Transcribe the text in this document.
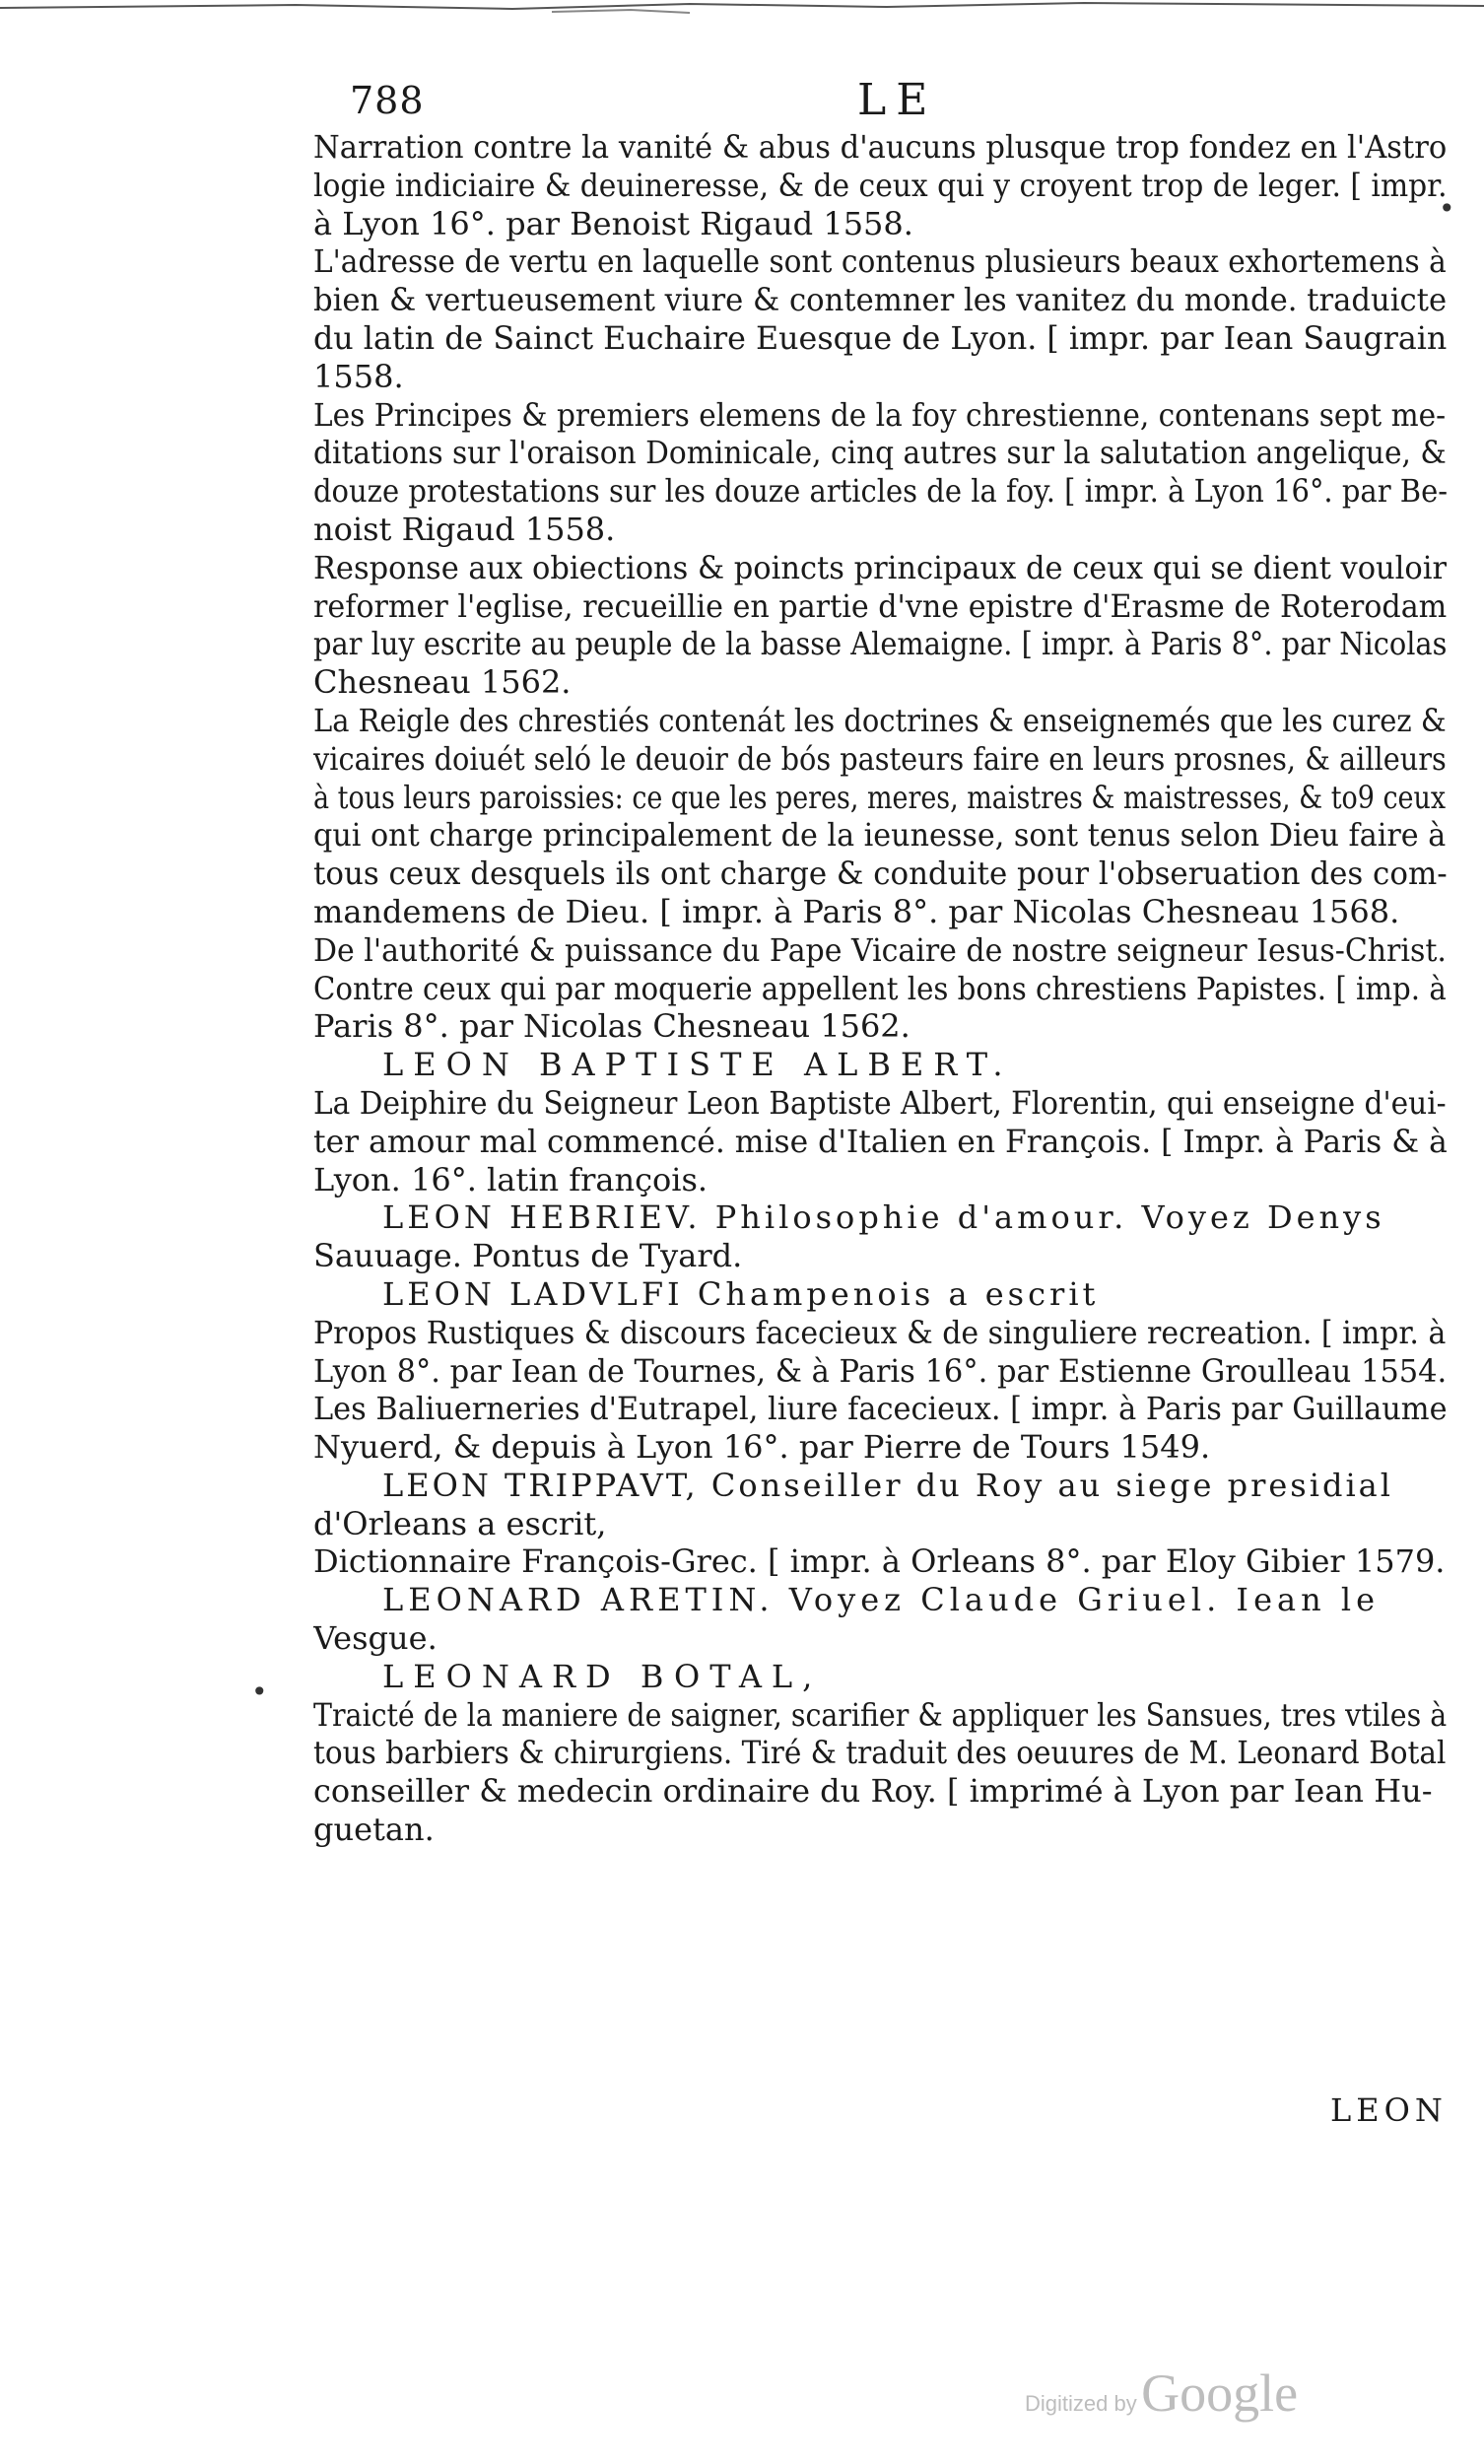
788	LE

Narration contre la vanité & abus d'aucuns plusque trop fondez en l'Astro

logie indiciaire & deuineresse, & de ceux qui y croyent trop de leger. [ impr.

à Lyon 16°. par Benoist Rigaud 1558.

L'adresse de vertu en laquelle sont contenus plusieurs beaux exhortemens à

bien & vertueusement viure & contemner les vanitez du monde. traduicte

du latin de Sainct Euchaire Euesque de Lyon. [ impr. par Iean Saugrain

1558.

Les Principes & premiers elemens de la foy chrestienne, contenans sept me-

ditations sur l'oraison Dominicale, cinq autres sur la salutation angelique, &

douze protestations sur les douze articles de la foy. [ impr. à Lyon 16°. par Be-

noist Rigaud 1558.

Response aux obiections & poincts principaux de ceux qui se dient vouloir

reformer l'eglise, recueillie en partie d'vne epistre d'Erasme de Roterodam

par luy escrite au peuple de la basse Alemaigne. [ impr. à Paris 8°. par Nicolas

Chesneau 1562.

La Reigle des chrestiés contenát les doctrines & enseignemés que les curez &

vicaires doiuét seló le deuoir de bós pasteurs faire en leurs prosnes, & ailleurs

à tous leurs paroissies: ce que les peres, meres, maistres & maistresses, & to9 ceux

qui ont charge principalement de la ieunesse, sont tenus selon Dieu faire à

tous ceux desquels ils ont charge & conduite pour l'obseruation des com-

mandemens de Dieu. [ impr. à Paris 8°. par Nicolas Chesneau 1568.

De l'authorité & puissance du Pape Vicaire de nostre seigneur Iesus-Christ.

Contre ceux qui par moquerie appellent les bons chrestiens Papistes. [ imp. à

Paris 8°. par Nicolas Chesneau 1562.

LEON BAPTISTE ALBERT.

La Deiphire du Seigneur Leon Baptiste Albert, Florentin, qui enseigne d'eui-

ter amour mal commencé. mise d'Italien en François. [ Impr. à Paris & à

Lyon. 16°. latin françois.

LEON HEBRIEV. Philosophie d'amour. Voyez Denys

Sauuage. Pontus de Tyard.

LEON LADVLFI Champenois a escrit

Propos Rustiques & discours facecieux & de singuliere recreation. [ impr. à

Lyon 8°. par Iean de Tournes, & à Paris 16°. par Estienne Groulleau 1554.

Les Baliuerneries d'Eutrapel, liure facecieux. [ impr. à Paris par Guillaume

Nyuerd, & depuis à Lyon 16°. par Pierre de Tours 1549.

LEON TRIPPAVT, Conseiller du Roy au siege presidial

d'Orleans a escrit,

Dictionnaire François-Grec. [ impr. à Orleans 8°. par Eloy Gibier 1579.

LEONARD ARETIN. Voyez Claude Griuel. Iean le

Vesgue.

LEONARD BOTAL,

Traicté de la maniere de saigner, scarifier & appliquer les Sansues, tres vtiles à

tous barbiers & chirurgiens. Tiré & traduit des oeuures de M. Leonard Botal

conseiller & medecin ordinaire du Roy. [ imprimé à Lyon par Iean Hu-

guetan.

•
•
LEON
Digitized by Google
